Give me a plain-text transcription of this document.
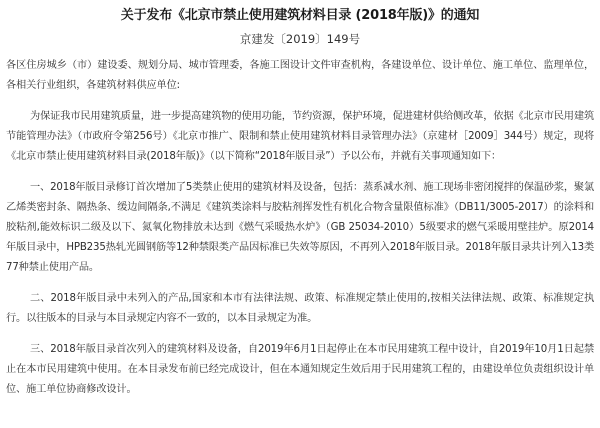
关于发布《北京市禁止使用建筑材料目录 (2018年版)》的通知
京建发〔2019〕149号

各区住房城乡（市）建设委、规划分局、城市管理委，各施工图设计文件审查机构，各建设单位、设计单位、施工单位、监理单位，各相关行业组织，各建筑材料供应单位:

为保证我市民用建筑质量，进一步提高建筑物的使用功能，节约资源，保护环境，促进建材供给侧改革，依据《北京市民用建筑节能管理办法》（市政府令第256号）《北京市推广、限制和禁止使用建筑材料目录管理办法》（京建材［2009］344号）规定，现将《北京市禁止使用建筑材料目录(2018年版)》（以下简称“2018年版目录”）予以公布，并就有关事项通知如下：

一、2018年版目录修订首次增加了5类禁止使用的建筑材料及设备，包括：蒸系减水剂、施工现场非密闭搅拌的保温砂浆，聚氯乙烯类密封条、隔热条、缓边间隔条,不满足《建筑类涂料与胶粘剂挥发性有机化合物含量限值标准》（DB11/3005-2017）的涂料和胶粘剂,能效标识二级及以下、氮氧化物排放未达到《燃气采暖热水炉》（GB 25034-2010）5级要求的燃气采暖用壁挂炉。原2014年版目录中，HPB235热轧光圆钢筋等12种禁限类产品因标准已失效等原因，不再列入2018年版目录。2018年版目录共计列入13类77种禁止使用产品。

二、2018年版目录中未列入的产品,国家和本市有法律法规、政策、标准规定禁止使用的,按相关法律法规、政策、标准规定执行。以往版本的目录与本目录规定内容不一致的，以本目录规定为准。

三、2018年版目录首次列入的建筑材料及设备，自2019年6月1日起停止在本市民用建筑工程中设计，自2019年10月1日起禁止在本市民用建筑中使用。在本目录发布前已经完成设计，但在本通知规定生效后用于民用建筑工程的，由建设单位负责组织设计单位、施工单位协商修改设计。
